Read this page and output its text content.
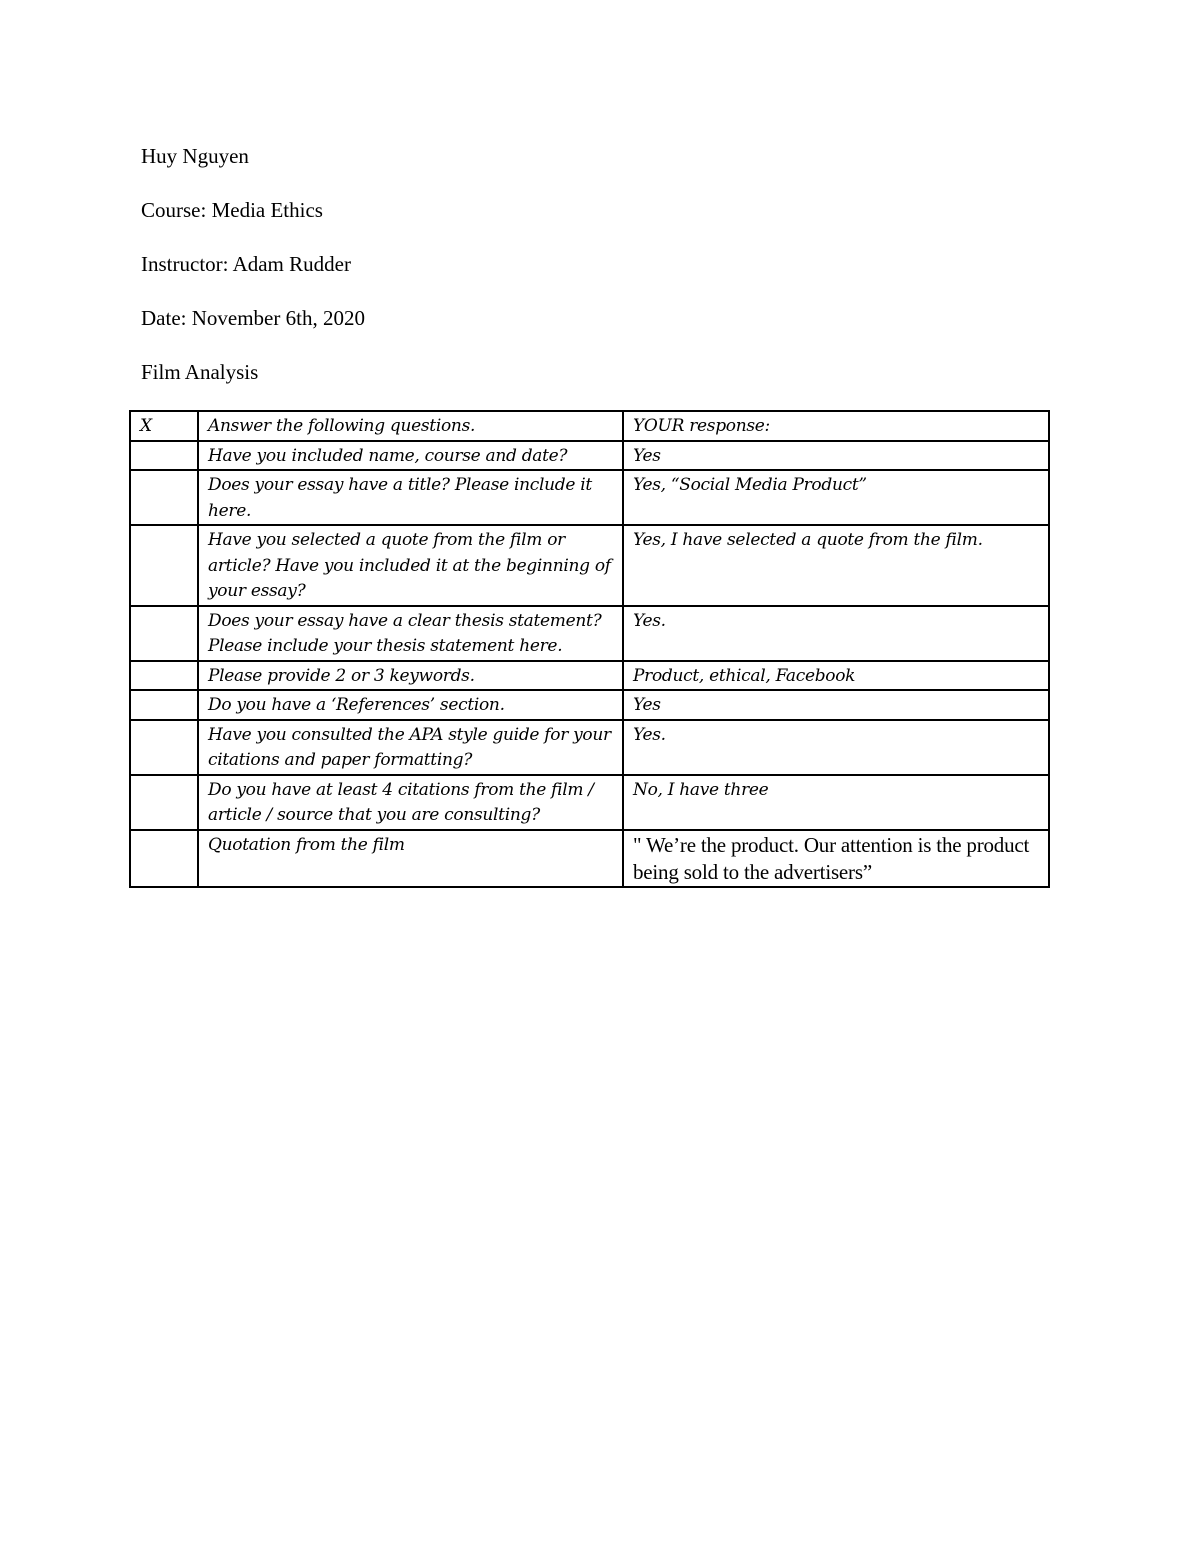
Huy Nguyen

Course: Media Ethics

Instructor: Adam Rudder

Date: November 6th, 2020

Film Analysis

X	Answer the following questions.	YOUR response:
	Have you included name, course and date?	Yes
	Does your essay have a title? Please include it here.	Yes, “Social Media Product”
	Have you selected a quote from the film or article? Have you included it at the beginning of your essay?	Yes, I have selected a quote from the film.
	Does your essay have a clear thesis statement? Please include your thesis statement here.	Yes.
	Please provide 2 or 3 keywords.	Product, ethical, Facebook
	Do you have a ‘References’ section.	Yes
	Have you consulted the APA style guide for your citations and paper formatting?	Yes.
	Do you have at least 4 citations from the film / article / source that you are consulting?	No, I have three
	Quotation from the film	" We’re the product. Our attention is the product being sold to the advertisers”
